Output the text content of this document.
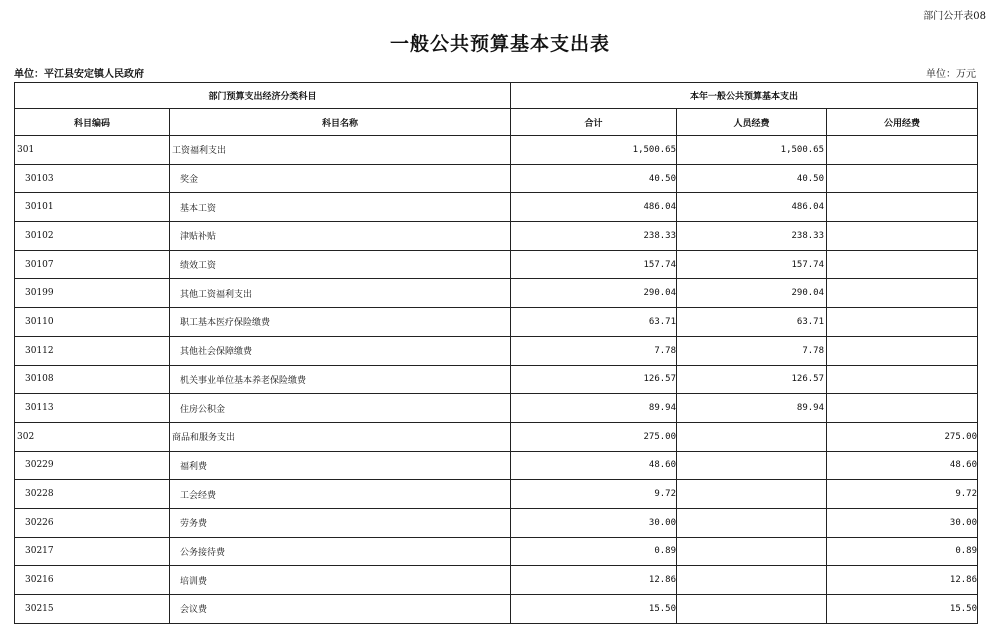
部门公开表08
一般公共预算基本支出表
单位：平江县安定镇人民政府	单位：万元
部门预算支出经济分类科目		本年一般公共预算基本支出		
科目编码	科目名称	合计	人员经费	公用经费
301	工资福利支出	1,500.65	1,500.65	
30103	奖金	40.50	40.50	
30101	基本工资	486.04	486.04	
30102	津贴补贴	238.33	238.33	
30107	绩效工资	157.74	157.74	
30199	其他工资福利支出	290.04	290.04	
30110	职工基本医疗保险缴费	63.71	63.71	
30112	其他社会保障缴费	7.78	7.78	
30108	机关事业单位基本养老保险缴费	126.57	126.57	
30113	住房公积金	89.94	89.94	
302	商品和服务支出	275.00		275.00
30229	福利费	48.60		48.60
30228	工会经费	9.72		9.72
30226	劳务费	30.00		30.00
30217	公务接待费	0.89		0.89
30216	培训费	12.86		12.86
30215	会议费	15.50		15.50
